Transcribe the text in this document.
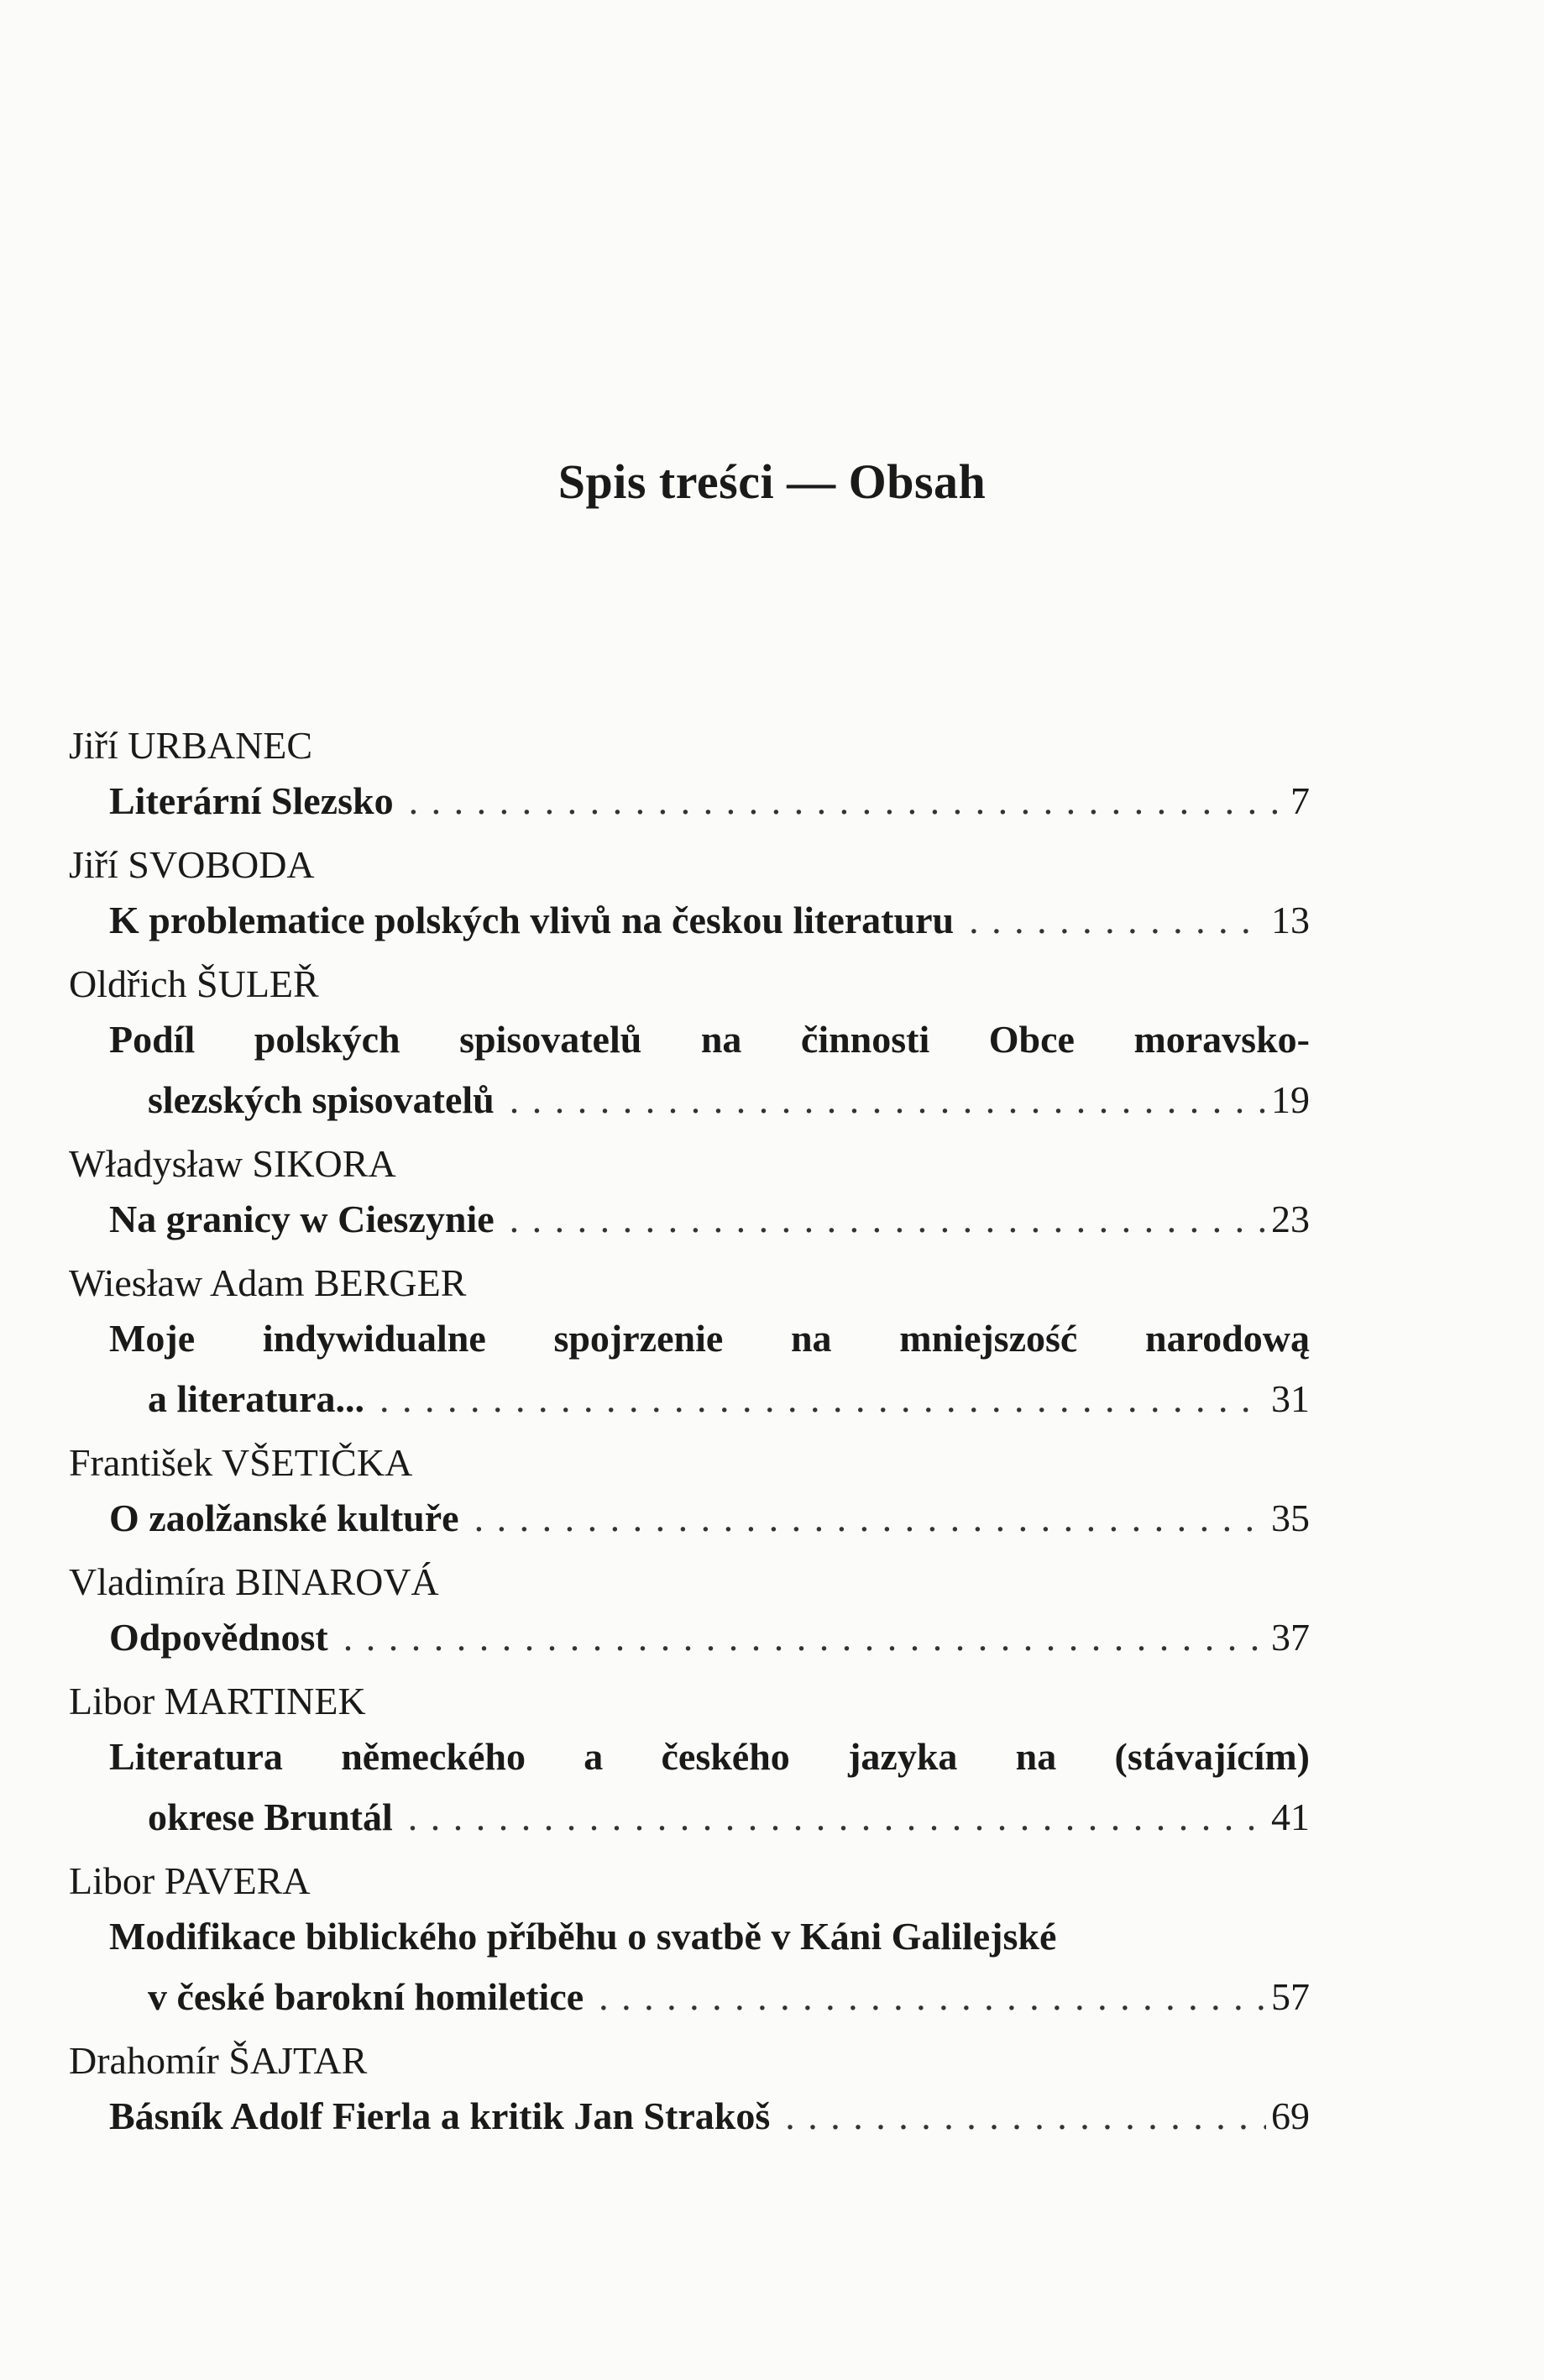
Spis treści — Obsah
Jiří URBANEC
Literární Slezsko . . .	7
Jiří SVOBODA
K problematice polských vlivů na českou literaturu . . .	13
Oldřich ŠULEŘ
Podíl polských spisovatelů na činnosti Obce moravsko-
slezských spisovatelů . . .	19
Władysław SIKORA
Na granicy w Cieszynie . . .	23
Wiesław Adam BERGER
Moje indywidualne spojrzenie na mniejszość narodową
a literatura... . . .	31
František VŠETIČKA
O zaolžanské kultuře . . .	35
Vladimíra BINAROVÁ
Odpovědnost . . .	37
Libor MARTINEK
Literatura německého a českého jazyka na (stávajícím)
okrese Bruntál . . .	41
Libor PAVERA
Modifikace biblického příběhu o svatbě v Káni Galilejské
v české barokní homiletice . . .	57
Drahomír ŠAJTAR
Básník Adolf Fierla a kritik Jan Strakoš . . .	69
